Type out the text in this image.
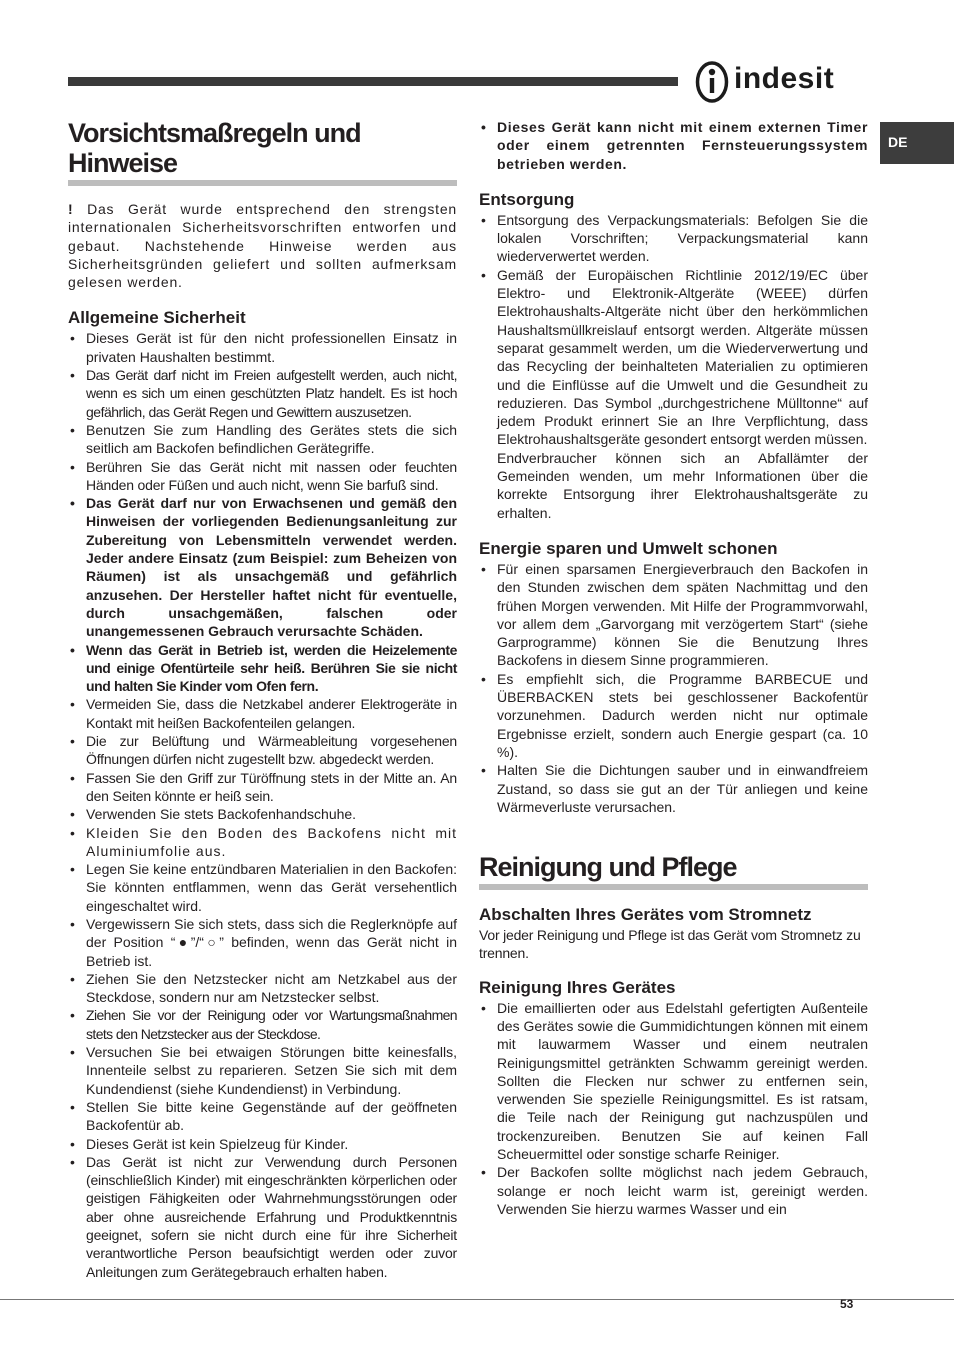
indesit
DE
Vorsichtsmaßregeln und Hinweise

! Das Gerät wurde entsprechend den strengsten internationalen Sicherheitsvorschriften entworfen und gebaut. Nachstehende Hinweise werden aus Sicherheitsgründen geliefert und sollten aufmerksam gelesen werden.

Allgemeine Sicherheit
• Dieses Gerät ist für den nicht professionellen Einsatz in privaten Haushalten bestimmt.
• Das Gerät darf nicht im Freien aufgestellt werden, auch nicht, wenn es sich um einen geschützten Platz handelt. Es ist hoch gefährlich, das Gerät Regen und Gewittern auszusetzen.
• Benutzen Sie zum Handling des Gerätes stets die sich seitlich am Backofen befindlichen Gerätegriffe.
• Berühren Sie das Gerät nicht mit nassen oder feuchten Händen oder Füßen und auch nicht, wenn Sie barfuß sind.
• Das Gerät darf nur von Erwachsenen und gemäß den Hinweisen der vorliegenden Bedienungsanleitung zur Zubereitung von Lebensmitteln verwendet werden. Jeder andere Einsatz (zum Beispiel: zum Beheizen von Räumen) ist als unsachgemäß und gefährlich anzusehen. Der Hersteller haftet nicht für eventuelle, durch unsachgemäßen, falschen oder unangemessenen Gebrauch verursachte Schäden.
• Wenn das Gerät in Betrieb ist, werden die Heizelemente und einige Ofentürteile sehr heiß. Berühren Sie sie nicht und halten Sie Kinder vom Ofen fern.
• Vermeiden Sie, dass die Netzkabel anderer Elektrogeräte in Kontakt mit heißen Backofenteilen gelangen.
• Die zur Belüftung und Wärmeableitung vorgesehenen Öffnungen dürfen nicht zugestellt bzw. abgedeckt werden.
• Fassen Sie den Griff zur Türöffnung stets in der Mitte an. An den Seiten könnte er heiß sein.
• Verwenden Sie stets Backofenhandschuhe.
• Kleiden Sie den Boden des Backofens nicht mit Aluminiumfolie aus.
• Legen Sie keine entzündbaren Materialien in den Backofen: Sie könnten entflammen, wenn das Gerät versehentlich eingeschaltet wird.
• Vergewissern Sie sich stets, dass sich die Reglerknöpfe auf der Position “●”/“○” befinden, wenn das Gerät nicht in Betrieb ist.
• Ziehen Sie den Netzstecker nicht am Netzkabel aus der Steckdose, sondern nur am Netzstecker selbst.
• Ziehen Sie vor der Reinigung oder vor Wartungsmaßnahmen stets den Netzstecker aus der Steckdose.
• Versuchen Sie bei etwaigen Störungen bitte keinesfalls, Innenteile selbst zu reparieren. Setzen Sie sich mit dem Kundendienst (siehe Kundendienst) in Verbindung.
• Stellen Sie bitte keine Gegenstände auf der geöffneten Backofentür ab.
• Dieses Gerät ist kein Spielzeug für Kinder.
• Das Gerät ist nicht zur Verwendung durch Personen (einschließlich Kinder) mit eingeschränkten körperlichen oder geistigen Fähigkeiten oder Wahrnehmungsstörungen oder aber ohne ausreichende Erfahrung und Produktkenntnis geeignet, sofern sie nicht durch eine für ihre Sicherheit verantwortliche Person beaufsichtigt werden oder zuvor Anleitungen zum Gerätegebrauch erhalten haben.
• Dieses Gerät kann nicht mit einem externen Timer oder einem getrennten Fernsteuerungssystem betrieben werden.
Entsorgung
• Entsorgung des Verpackungsmaterials: Befolgen Sie die lokalen Vorschriften; Verpackungsmaterial kann wiederverwertet werden.
• Gemäß der Europäischen Richtlinie 2012/19/EC über Elektro- und Elektronik-Altgeräte (WEEE) dürfen Elektrohaushalts-Altgeräte nicht über den herkömmlichen Haushaltsmüllkreislauf entsorgt werden. Altgeräte müssen separat gesammelt werden, um die Wiederverwertung und das Recycling der beinhalteten Materialien zu optimieren und die Einflüsse auf die Umwelt und die Gesundheit zu reduzieren. Das Symbol „durchgestrichene Mülltonne“ auf jedem Produkt erinnert Sie an Ihre Verpflichtung, dass Elektrohaushaltsgeräte gesondert entsorgt werden müssen.

Endverbraucher können sich an Abfallämter der Gemeinden wenden, um mehr Informationen über die korrekte Entsorgung ihrer Elektrohaushaltsgeräte zu erhalten.

Energie sparen und Umwelt schonen
• Für einen sparsamen Energieverbrauch den Backofen in den Stunden zwischen dem späten Nachmittag und den frühen Morgen verwenden. Mit Hilfe der Programmvorwahl, vor allem dem „Garvorgang mit verzögertem Start“ (siehe Garprogramme) können Sie die Benutzung Ihres Backofens in diesem Sinne programmieren.
• Es empfiehlt sich, die Programme BARBECUE und ÜBERBACKEN stets bei geschlossener Backofentür vorzunehmen. Dadurch werden nicht nur optimale Ergebnisse erzielt, sondern auch Energie gespart (ca. 10 %).
• Halten Sie die Dichtungen sauber und in einwandfreiem Zustand, so dass sie gut an der Tür anliegen und keine Wärmeverluste verursachen.
Reinigung und Pflege
Abschalten Ihres Gerätes vom Stromnetz

Vor jeder Reinigung und Pflege ist das Gerät vom Stromnetz zu trennen.

Reinigung Ihres Gerätes
• Die emaillierten oder aus Edelstahl gefertigten Außenteile des Gerätes sowie die Gummidichtungen können mit einem mit lauwarmem Wasser und einem neutralen Reinigungsmittel getränkten Schwamm gereinigt werden. Sollten die Flecken nur schwer zu entfernen sein, verwenden Sie spezielle Reinigungsmittel. Es ist ratsam, die Teile nach der Reinigung gut nachzuspülen und trockenzureiben. Benutzen Sie auf keinen Fall Scheuermittel oder sonstige scharfe Reiniger.
• Der Backofen sollte möglichst nach jedem Gebrauch, solange er noch leicht warm ist, gereinigt werden. Verwenden Sie hierzu warmes Wasser und ein
53
